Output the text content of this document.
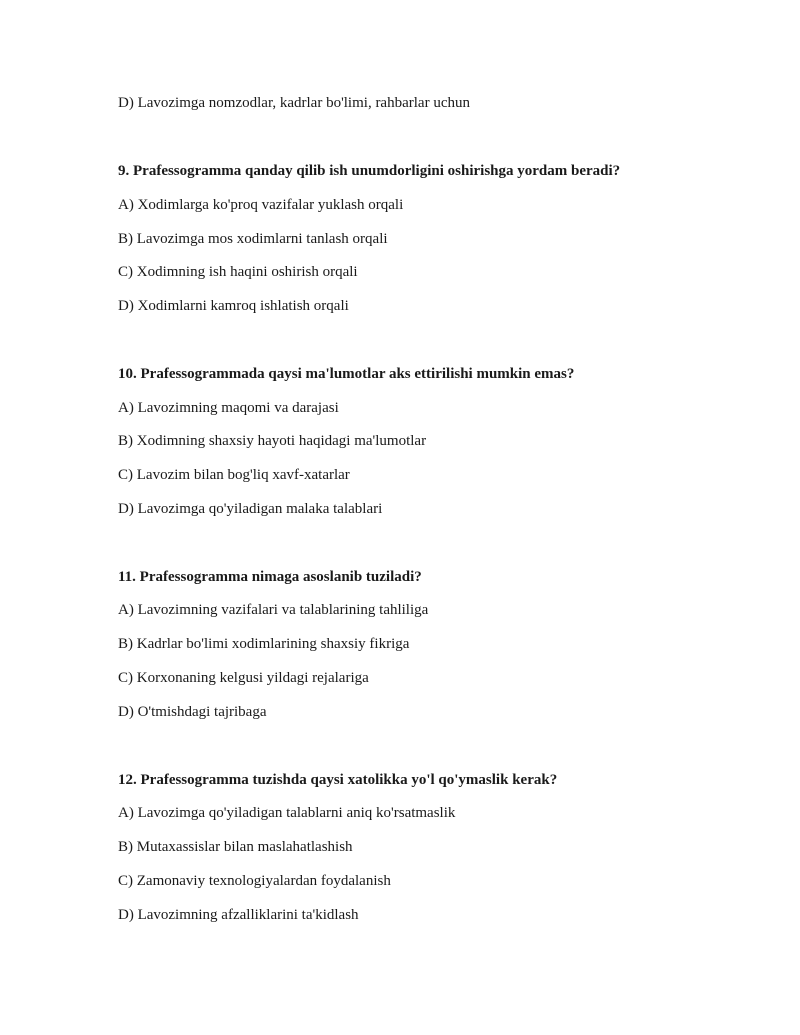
D) Lavozimga nomzodlar, kadrlar bo'limi, rahbarlar uchun
9. Prafessogramma qanday qilib ish unumdorligini oshirishga yordam beradi?
A) Xodimlarga ko'proq vazifalar yuklash orqali
B) Lavozimga mos xodimlarni tanlash orqali
C) Xodimning ish haqini oshirish orqali
D) Xodimlarni kamroq ishlatish orqali
10. Prafessogrammada qaysi ma'lumotlar aks ettirilishi mumkin emas?
A) Lavozimning maqomi va darajasi
B) Xodimning shaxsiy hayoti haqidagi ma'lumotlar
C) Lavozim bilan bog'liq xavf-xatarlar
D) Lavozimga qo'yiladigan malaka talablari
11. Prafessogramma nimaga asoslanib tuziladi?
A) Lavozimning vazifalari va talablarining tahliliga
B) Kadrlar bo'limi xodimlarining shaxsiy fikriga
C) Korxonaning kelgusi yildagi rejalariga
D) O'tmishdagi tajribaga
12. Prafessogramma tuzishda qaysi xatolikka yo'l qo'ymaslik kerak?
A) Lavozimga qo'yiladigan talablarni aniq ko'rsatmaslik
B) Mutaxassislar bilan maslahatlashish
C) Zamonaviy texnologiyalardan foydalanish
D) Lavozimning afzalliklarini ta'kidlash
